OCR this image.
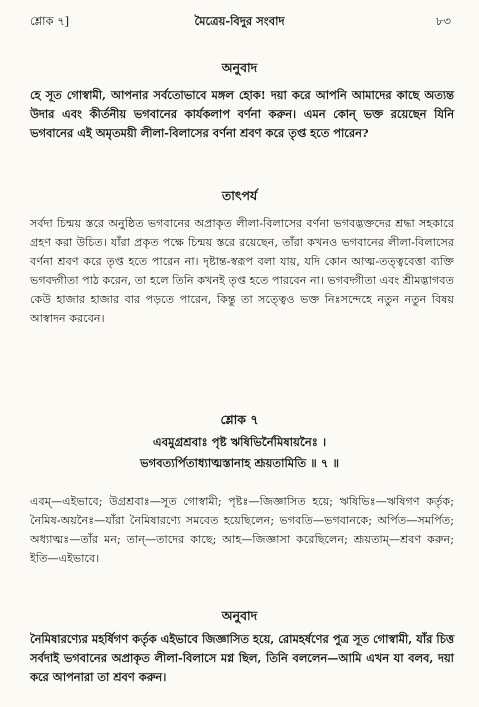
শ্লোক ৭]	মৈত্রেয়-বিদুর সংবাদ	৮৩
অনুবাদ

হে সূত গোস্বামী, আপনার সর্বতোভাবে মঙ্গল হোক! দয়া করে আপনি আমাদের কাছে অত্যন্ত উদার এবং কীর্তনীয় ভগবানের কার্যকলাপ বর্ণনা করুন। এমন কোন্ ভক্ত রয়েছেন যিনি ভগবানের এই অমৃতময়ী লীলা-বিলাসের বর্ণনা শ্রবণ করে তৃপ্ত হতে পারেন?

তাৎপর্য

সর্বদা চিন্ময় স্তরে অনুষ্ঠিত ভগবানের অপ্রাকৃত লীলা-বিলাসের বর্ণনা ভগবদ্ভক্তদের শ্রদ্ধা সহকারে গ্রহণ করা উচিত। যাঁরা প্রকৃত পক্ষে চিন্ময় স্তরে রয়েছেন, তাঁরা কখনও ভগবানের লীলা-বিলাসের বর্ণনা শ্রবণ করে তৃপ্ত হতে পারেন না। দৃষ্টান্ত-স্বরূপ বলা যায়, যদি কোন আত্ম-তত্ত্ববেত্তা ব্যক্তি ভগবদ্গীতা পাঠ করেন, তা হলে তিনি কখনই তৃপ্ত হতে পারবেন না। ভগবদ্গীতা এবং শ্রীমদ্ভাগবত কেউ হাজার হাজার বার পড়তে পারেন, কিন্তু তা সত্ত্বেও ভক্ত নিঃসন্দেহে নতুন নতুন বিষয় আস্বাদন করবেন।

শ্লোক ৭
এবমুগ্রশ্রবাঃ পৃষ্ট ঋষিভির্নৈমিষায়নৈঃ ।
ভগবত্যর্পিতাধ্যাত্মস্তানাহ শ্রূয়তামিতি ॥ ৭ ॥

এবম্—এইভাবে; উগ্রশ্রবাঃ—সূত গোস্বামী; পৃষ্টঃ—জিজ্ঞাসিত হয়ে; ঋষিভিঃ—ঋষিগণ কর্তৃক; নৈমিষ-অয়নৈঃ—যাঁরা নৈমিষারণ্যে সমবেত হয়েছিলেন; ভগবতি—ভগবানকে; অর্পিত—সমর্পিত; অধ্যাত্মঃ—তাঁর মন; তান্—তাদের কাছে; আহ—জিজ্ঞাসা করেছিলেন; শ্রূয়তাম্—শ্রবণ করুন; ইতি—এইভাবে।

অনুবাদ

নৈমিষারণ্যের মহর্ষিগণ কর্তৃক এইভাবে জিজ্ঞাসিত হয়ে, রোমহর্ষণের পুত্র সূত গোস্বামী, যাঁর চিত্ত সর্বদাই ভগবানের অপ্রাকৃত লীলা-বিলাসে মগ্ন ছিল, তিনি বললেন—আমি এখন যা বলব, দয়া করে আপনারা তা শ্রবণ করুন।
